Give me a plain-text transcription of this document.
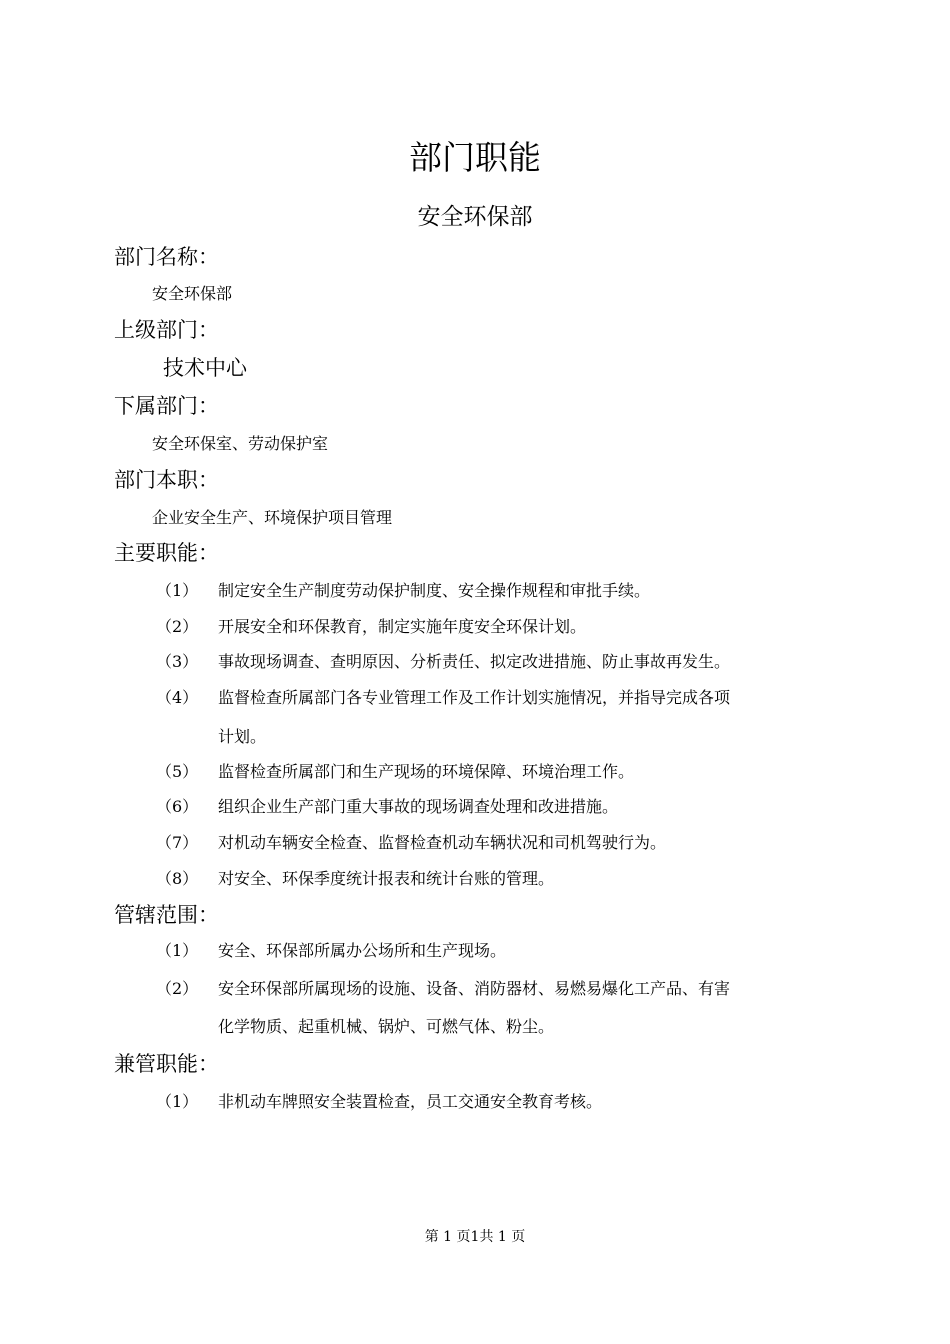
部门职能
安全环保部
部门名称：
安全环保部
上级部门：
技术中心
下属部门：
安全环保室、劳动保护室
部门本职：
企业安全生产、环境保护项目管理
主要职能：
（1） 制定安全生产制度劳动保护制度、安全操作规程和审批手续。
（2） 开展安全和环保教育，制定实施年度安全环保计划。
（3） 事故现场调查、查明原因、分析责任、拟定改进措施、防止事故再发生。
（4） 监督检查所属部门各专业管理工作及工作计划实施情况，并指导完成各项
计划。
（5） 监督检查所属部门和生产现场的环境保障、环境治理工作。
（6） 组织企业生产部门重大事故的现场调查处理和改进措施。
（7） 对机动车辆安全检查、监督检查机动车辆状况和司机驾驶行为。
（8） 对安全、环保季度统计报表和统计台账的管理。
管辖范围：
（1） 安全、环保部所属办公场所和生产现场。
（2） 安全环保部所属现场的设施、设备、消防器材、易燃易爆化工产品、有害
化学物质、起重机械、锅炉、可燃气体、粉尘。
兼管职能：
（1） 非机动车牌照安全装置检查，员工交通安全教育考核。
第 1 页1共 1 页
